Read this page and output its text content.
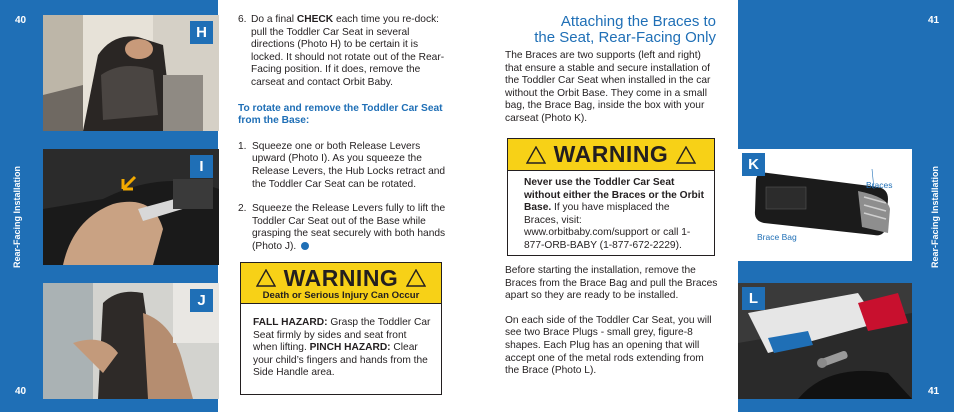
40
40
Rear-Facing Installation
H
I
J
6. Do a final CHECK each time you re-dock: pull the Toddler Car Seat in several directions (Photo H) to be certain it is locked. It should not rotate out of the Rear-Facing position. If it does, remove the carseat and contact Orbit Baby.

To rotate and remove the Toddler Car Seat from the Base:

1. Squeeze one or both Release Levers upward (Photo I). As you squeeze the Release Levers, the Hub Locks retract and the Toddler Car Seat can be rotated.
2. Squeeze the Release Levers fully to lift the Toddler Car Seat out of the Base while grasping the seat securely with both hands (Photo J).
WARNING
Death or Serious Injury Can Occur
FALL HAZARD: Grasp the Toddler Car Seat firmly by sides and seat front when lifting. PINCH HAZARD: Clear your child’s fingers and hands from the Side Handle area.
Attaching the Braces to
the Seat, Rear-Facing Only

The Braces are two supports (left and right) that ensure a stable and secure installation of the Toddler Car Seat when installed in the car without the Orbit Base. They come in a small bag, the Brace Bag, inside the box with your carseat (Photo K).

WARNING
Never use the Toddler Car Seat without either the Braces or the Orbit Base. If you have misplaced the Braces, visit: www.orbitbaby.com/support or call 1-877-ORB-BABY (1-877-672-2229).

Before starting the installation, remove the Braces from the Brace Bag and pull the Braces apart so they are ready to be installed.

On each side of the Toddler Car Seat, you will see two Brace Plugs - small grey, figure-8 shapes. Each Plug has an opening that will accept one of the metal rods extending from the Brace (Photo L).

41
41
Rear-Facing Installation
K
Braces
Brace Bag
L
